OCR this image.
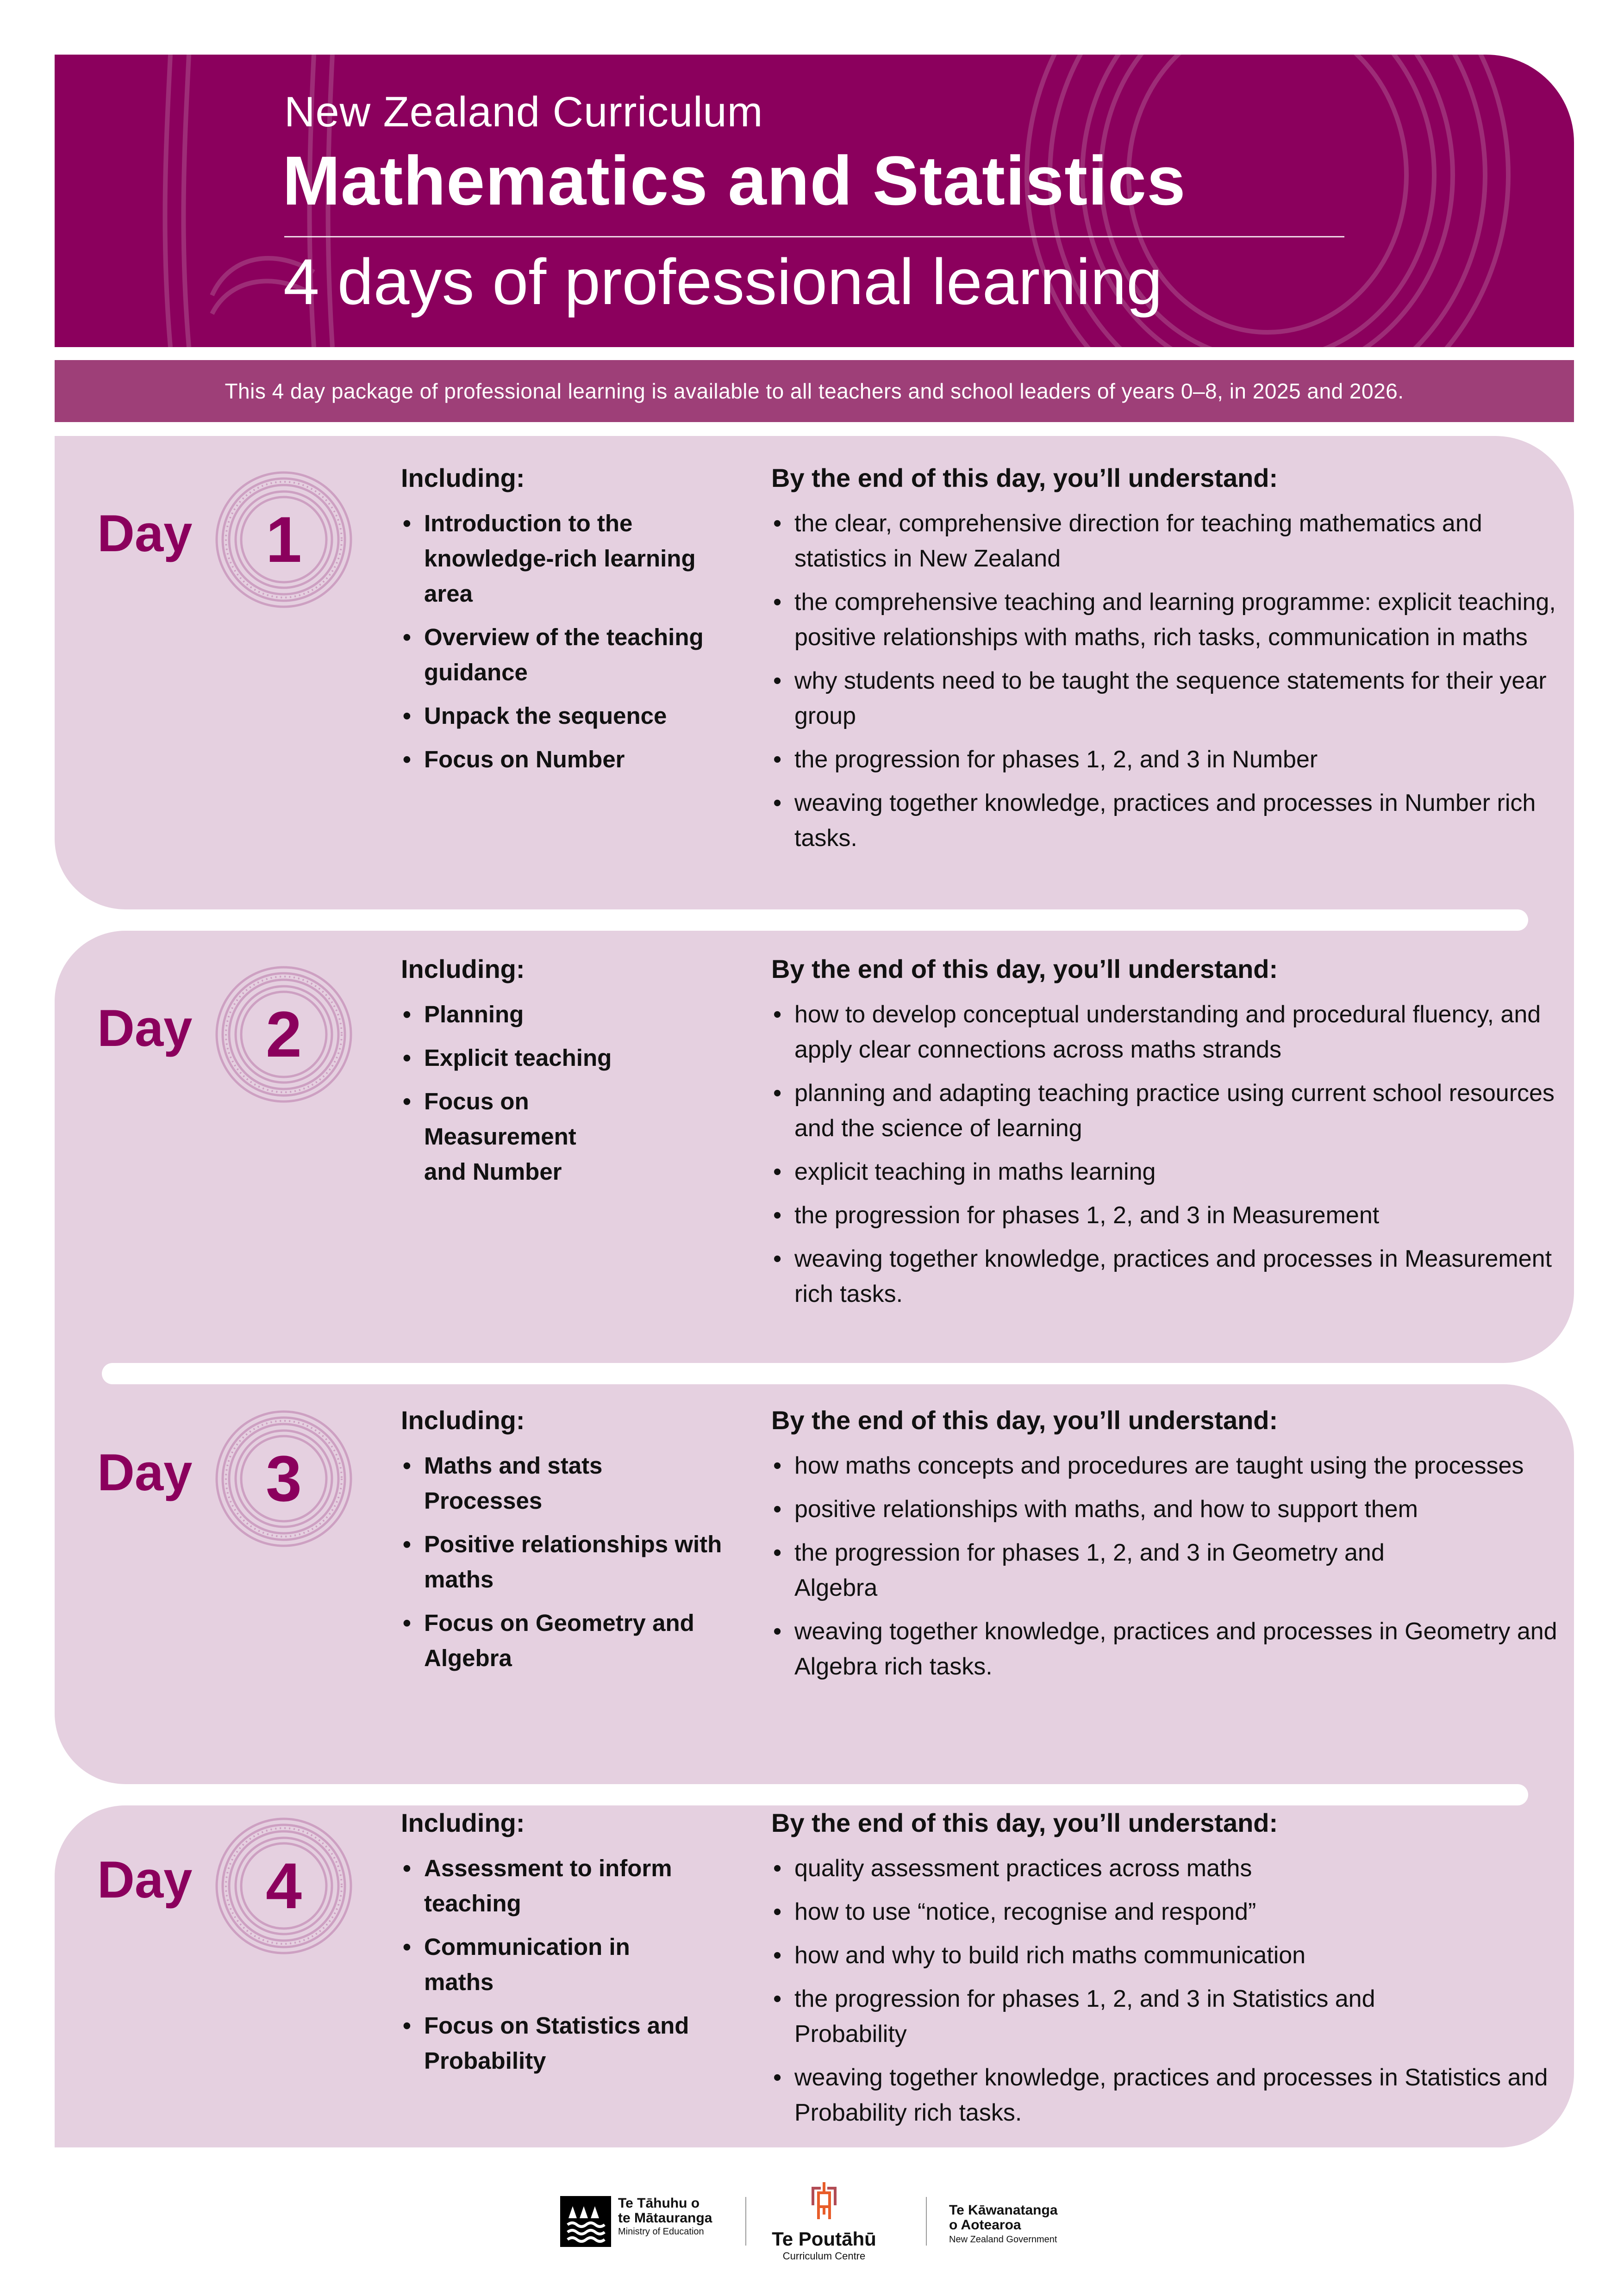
New Zealand Curriculum
Mathematics and Statistics
4 days of professional learning
This 4 day package of professional learning is available to all teachers and school leaders of years 0–8, in 2025 and 2026.
Day	1
Including:
• Introduction to the knowledge-rich learning area
• Overview of the teaching guidance
• Unpack the sequence
• Focus on Number
By the end of this day, you’ll understand:
• the clear, comprehensive direction for teaching mathematics and statistics in New Zealand
• the comprehensive teaching and learning programme: explicit teaching, positive relationships with maths, rich tasks, communication in maths
• why students need to be taught the sequence statements for their year group
• the progression for phases 1, 2, and 3 in Number
• weaving together knowledge, practices and processes in Number rich tasks.
Day	2
Including:
• Planning
• Explicit teaching
• Focus on Measurement and Number
By the end of this day, you’ll understand:
• how to develop conceptual understanding and procedural fluency, and apply clear connections across maths strands
• planning and adapting teaching practice using current school resources and the science of learning
• explicit teaching in maths learning
• the progression for phases 1, 2, and 3 in Measurement
• weaving together knowledge, practices and processes in Measurement rich tasks.
Day	3
Including:
• Maths and stats Processes
• Positive relationships with maths
• Focus on Geometry and Algebra
By the end of this day, you’ll understand:
• how maths concepts and procedures are taught using the processes
• positive relationships with maths, and how to support them
• the progression for phases 1, 2, and 3 in Geometry and Algebra
• weaving together knowledge, practices and processes in Geometry and Algebra rich tasks.
Day	4
Including:
• Assessment to inform teaching
• Communication in maths
• Focus on Statistics and Probability
By the end of this day, you’ll understand:
• quality assessment practices across maths
• how to use “notice, recognise and respond”
• how and why to build rich maths communication
• the progression for phases 1, 2, and 3 in Statistics and Probability
• weaving together knowledge, practices and processes in Statistics and Probability rich tasks.
Te Tāhuhu o
te Mātauranga
Ministry of Education	Te Poutāhū
Curriculum Centre
Te Kāwanatanga
o Aotearoa
New Zealand Government
